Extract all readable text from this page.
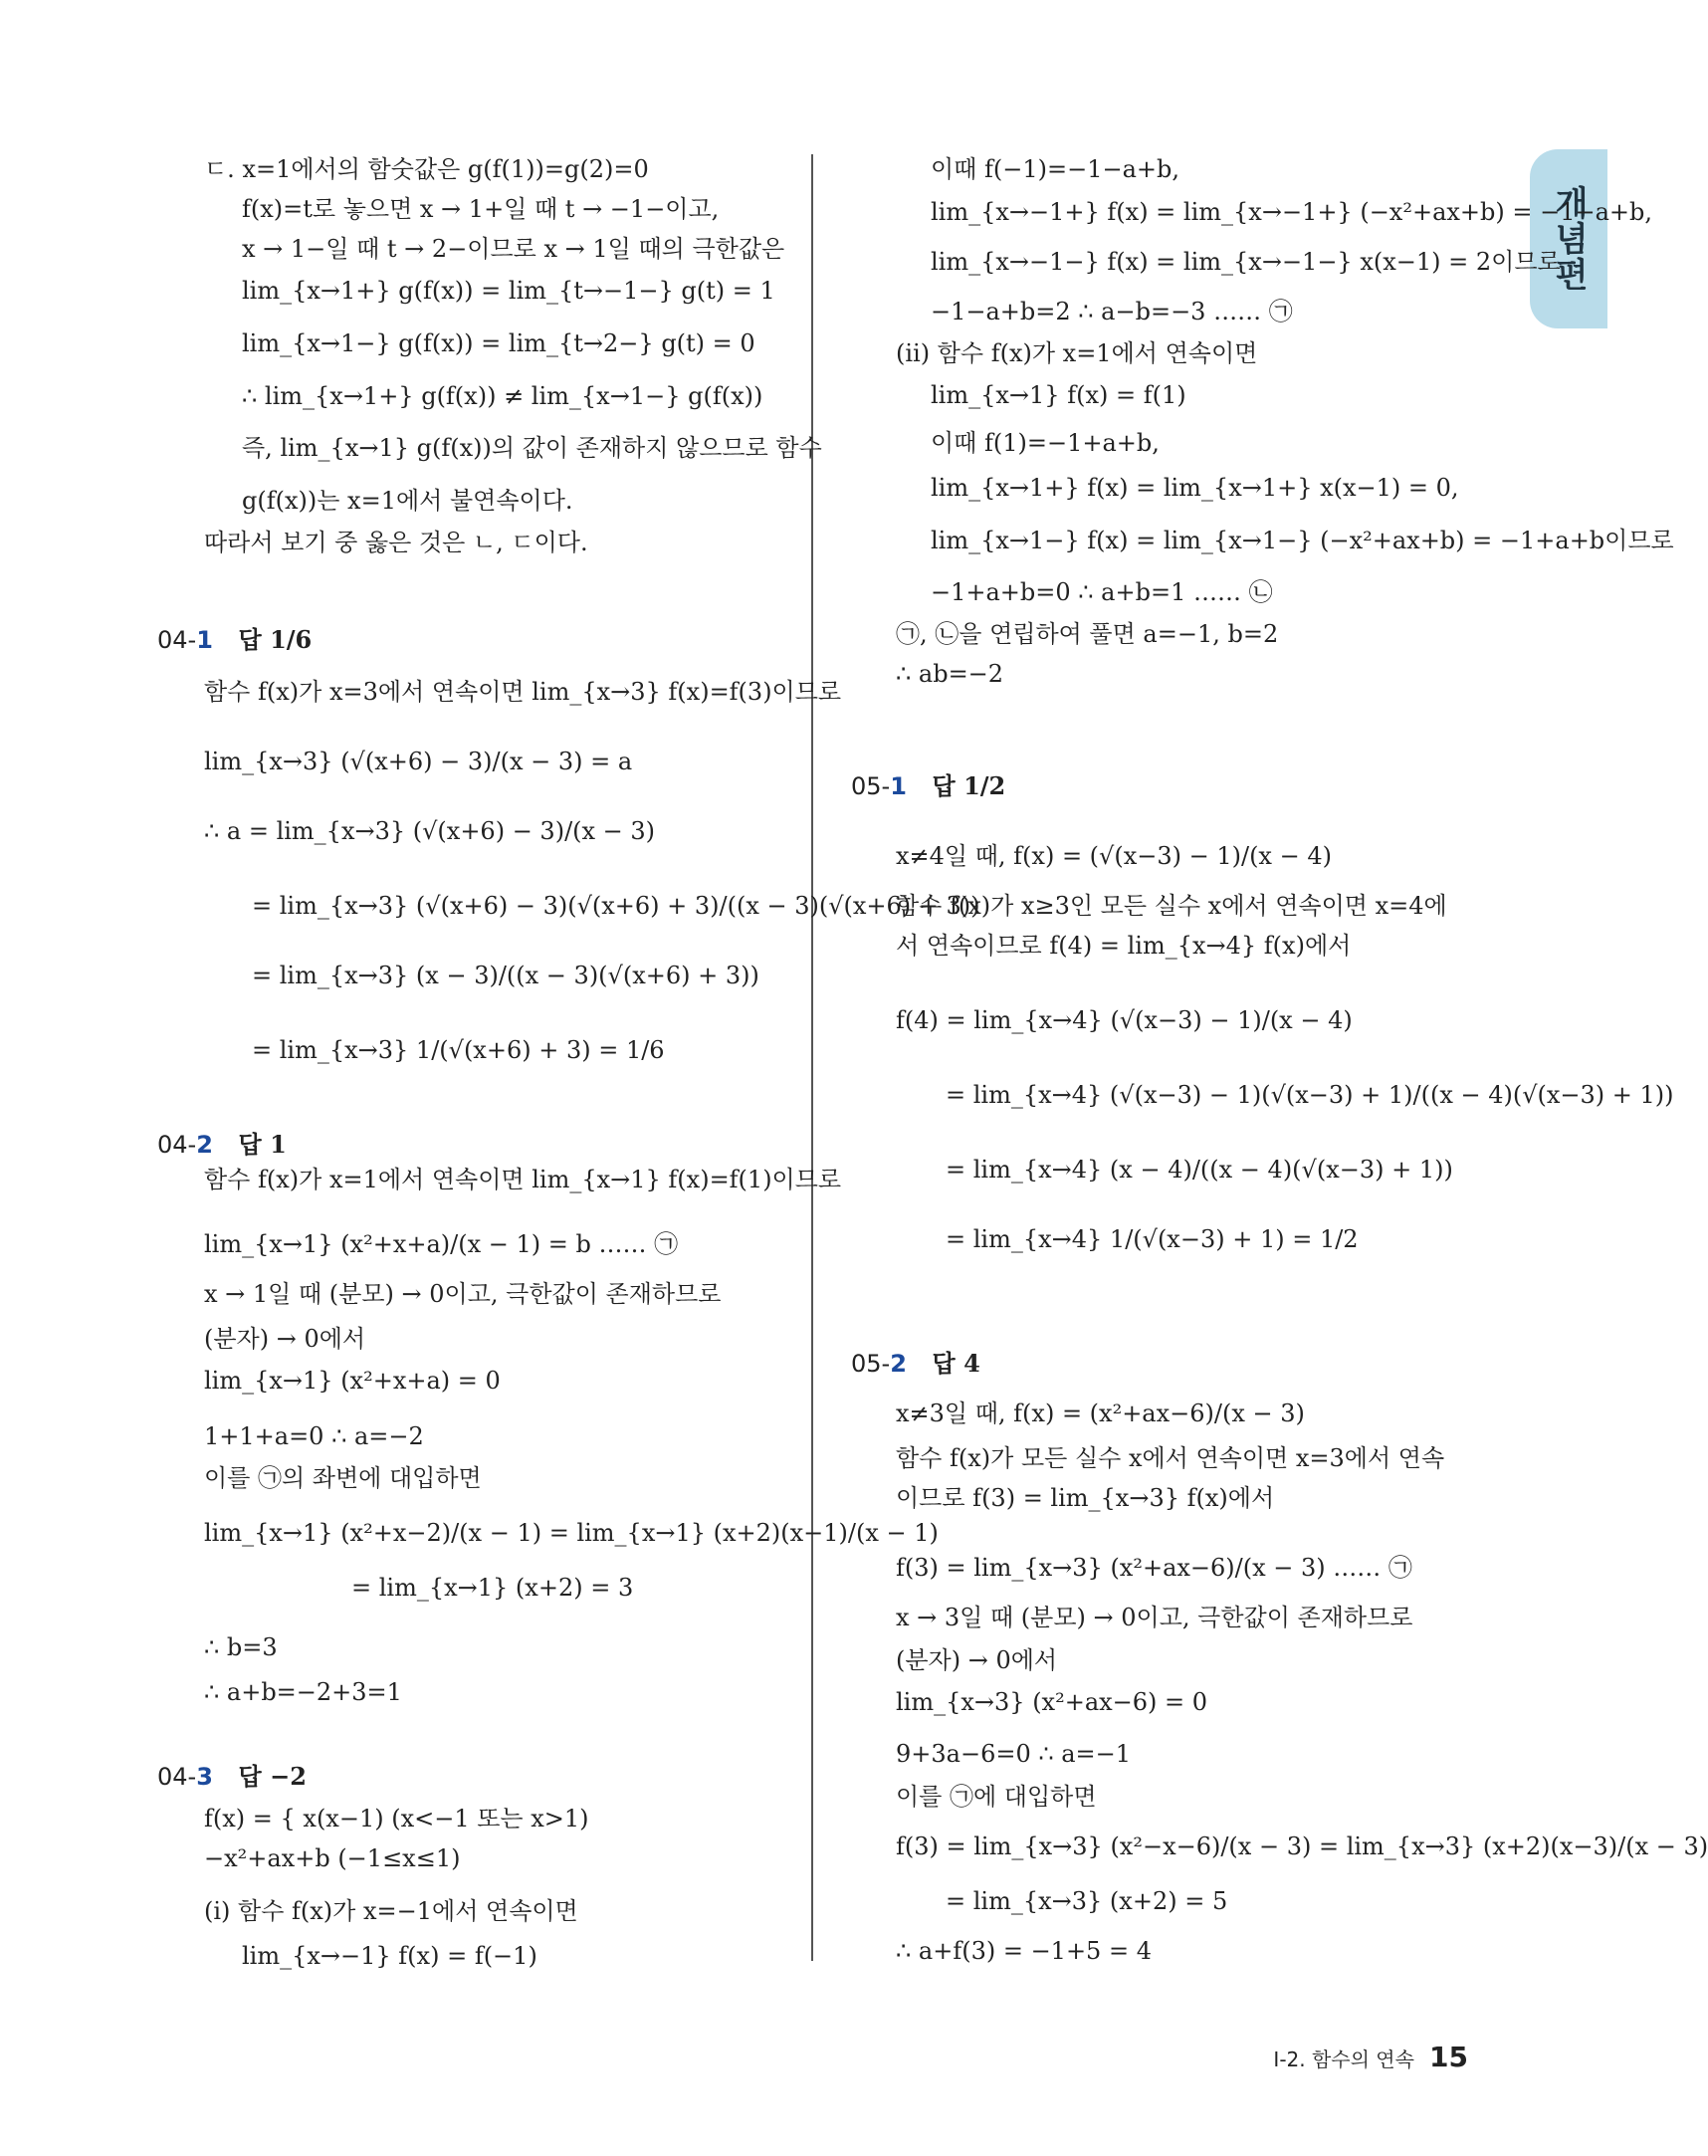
개념편
ㄷ. x=1에서의 함숫값은 g(f(1))=g(2)=0
f(x)=t로 놓으면 x → 1+일 때 t → −1−이고,
x → 1−일 때 t → 2−이므로 x → 1일 때의 극한값은
lim_{x→1+} g(f(x)) = lim_{t→−1−} g(t) = 1
lim_{x→1−} g(f(x)) = lim_{t→2−} g(t) = 0
∴ lim_{x→1+} g(f(x)) ≠ lim_{x→1−} g(f(x))
즉, lim_{x→1} g(f(x))의 값이 존재하지 않으므로 함수
g(f(x))는 x=1에서 불연속이다.
따라서 보기 중 옳은 것은 ㄴ, ㄷ이다.
04-1 답 1/6
함수 f(x)가 x=3에서 연속이면 lim_{x→3} f(x)=f(3)이므로
lim_{x→3} (√(x+6) − 3)/(x − 3) = a
∴ a = lim_{x→3} (√(x+6) − 3)/(x − 3)
= lim_{x→3} (√(x+6) − 3)(√(x+6) + 3)/((x − 3)(√(x+6) + 3))
= lim_{x→3} (x − 3)/((x − 3)(√(x+6) + 3))
= lim_{x→3} 1/(√(x+6) + 3) = 1/6
04-2 답 1
함수 f(x)가 x=1에서 연속이면 lim_{x→1} f(x)=f(1)이므로
lim_{x→1} (x²+x+a)/(x − 1) = b …… ㉠
x → 1일 때 (분모) → 0이고, 극한값이 존재하므로
(분자) → 0에서
lim_{x→1} (x²+x+a) = 0
1+1+a=0 ∴ a=−2
이를 ㉠의 좌변에 대입하면
lim_{x→1} (x²+x−2)/(x − 1) = lim_{x→1} (x+2)(x−1)/(x − 1)
= lim_{x→1} (x+2) = 3
∴ b=3
∴ a+b=−2+3=1
04-3 답 −2
f(x) = { x(x−1) (x<−1 또는 x>1)
−x²+ax+b (−1≤x≤1)
(ⅰ) 함수 f(x)가 x=−1에서 연속이면
lim_{x→−1} f(x) = f(−1)
이때 f(−1)=−1−a+b,
lim_{x→−1+} f(x) = lim_{x→−1+} (−x²+ax+b) = −1−a+b,
lim_{x→−1−} f(x) = lim_{x→−1−} x(x−1) = 2이므로
−1−a+b=2 ∴ a−b=−3 …… ㉠
(ⅱ) 함수 f(x)가 x=1에서 연속이면
lim_{x→1} f(x) = f(1)
이때 f(1)=−1+a+b,
lim_{x→1+} f(x) = lim_{x→1+} x(x−1) = 0,
lim_{x→1−} f(x) = lim_{x→1−} (−x²+ax+b) = −1+a+b이므로
−1+a+b=0 ∴ a+b=1 …… ㉡
㉠, ㉡을 연립하여 풀면 a=−1, b=2
∴ ab=−2
05-1 답 1/2
x≠4일 때, f(x) = (√(x−3) − 1)/(x − 4)
함수 f(x)가 x≥3인 모든 실수 x에서 연속이면 x=4에
서 연속이므로 f(4) = lim_{x→4} f(x)에서
f(4) = lim_{x→4} (√(x−3) − 1)/(x − 4)
= lim_{x→4} (√(x−3) − 1)(√(x−3) + 1)/((x − 4)(√(x−3) + 1))
= lim_{x→4} (x − 4)/((x − 4)(√(x−3) + 1))
= lim_{x→4} 1/(√(x−3) + 1) = 1/2
05-2 답 4
x≠3일 때, f(x) = (x²+ax−6)/(x − 3)
함수 f(x)가 모든 실수 x에서 연속이면 x=3에서 연속
이므로 f(3) = lim_{x→3} f(x)에서
f(3) = lim_{x→3} (x²+ax−6)/(x − 3) …… ㉠
x → 3일 때 (분모) → 0이고, 극한값이 존재하므로
(분자) → 0에서
lim_{x→3} (x²+ax−6) = 0
9+3a−6=0 ∴ a=−1
이를 ㉠에 대입하면
f(3) = lim_{x→3} (x²−x−6)/(x − 3) = lim_{x→3} (x+2)(x−3)/(x − 3)
= lim_{x→3} (x+2) = 5
∴ a+f(3) = −1+5 = 4
Ⅰ-2. 함수의 연속 15
